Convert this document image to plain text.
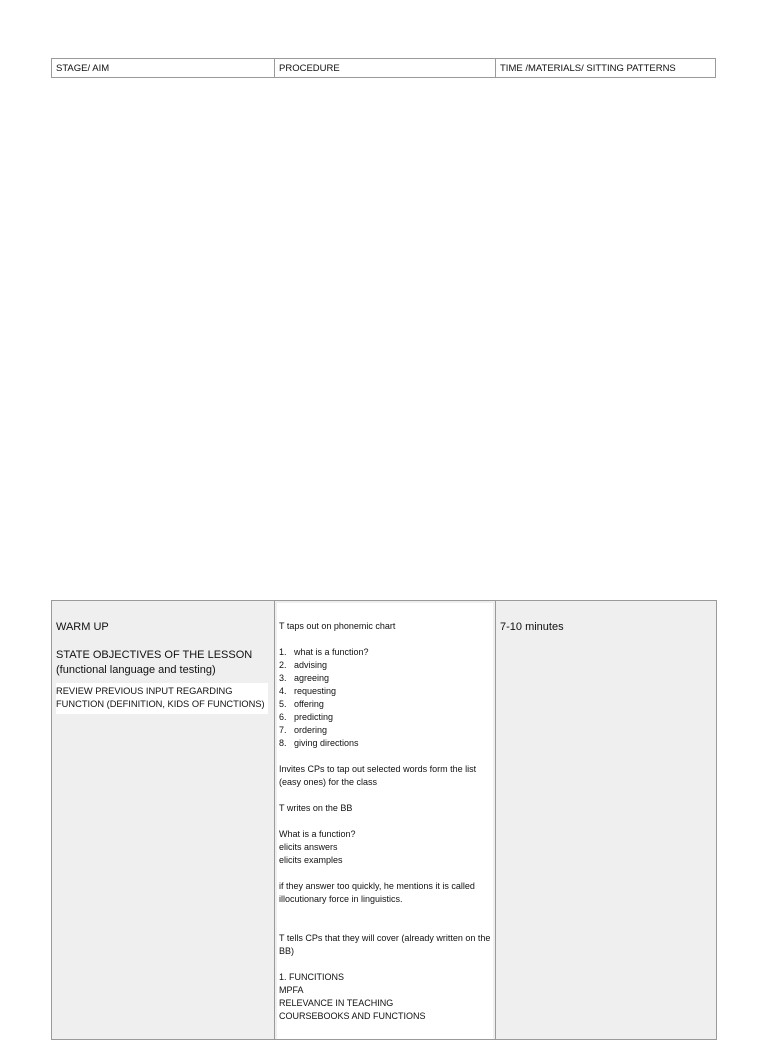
STAGE/ AIM	PROCEDURE	TIME /MATERIALS/ SITTING PATTERNS
WARM UP
STATE OBJECTIVES OF THE LESSON
(functional language and testing)
REVIEW PREVIOUS INPUT REGARDING
FUNCTION (DEFINITION, KIDS OF FUNCTIONS)

T taps out on phonemic chart

1. what is a function?
2. advising
3. agreeing
4. requesting
5. offering
6. predicting
7. ordering
8. giving directions

Invites CPs to tap out selected words form the list

(easy ones) for the class

T writes on the BB

What is a function?

elicits answers

elicits examples

if they answer too quickly, he mentions it is called

illocutionary force in linguistics.

T tells CPs that they will cover (already written on the

BB)

1. FUNCITIONS

MPFA

RELEVANCE IN TEACHING

COURSEBOOKS AND FUNCTIONS

7-10 minutes
